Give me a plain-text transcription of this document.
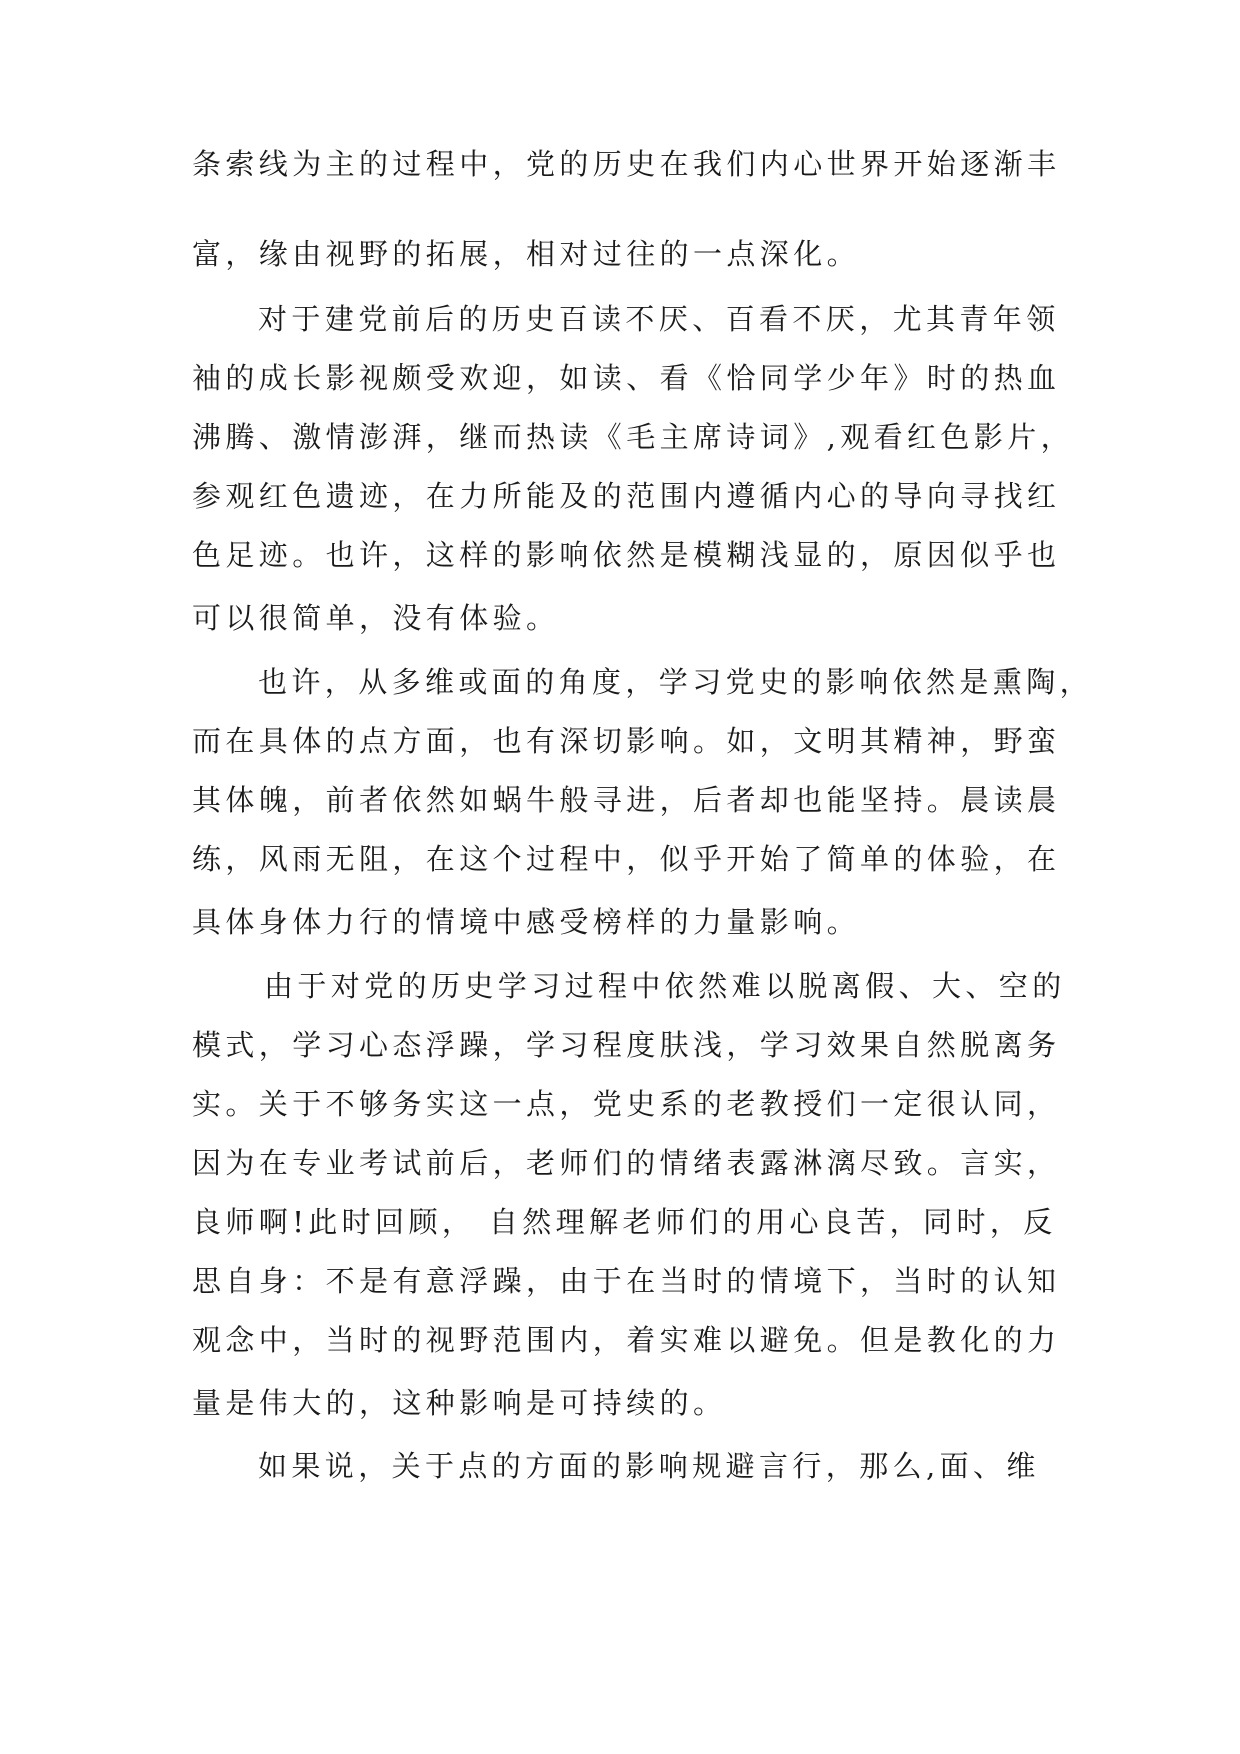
条索线为主的过程中，党的历史在我们内心世界开始逐渐丰
富，缘由视野的拓展，相对过往的一点深化。
对于建党前后的历史百读不厌、百看不厌，尤其青年领
袖的成长影视颇受欢迎，如读、看《恰同学少年》时的热血
沸腾、激情澎湃，继而热读《毛主席诗词》,观看红色影片，
参观红色遗迹，在力所能及的范围内遵循内心的导向寻找红
色足迹。也许，这样的影响依然是模糊浅显的，原因似乎也
可以很简单，没有体验。
也许，从多维或面的角度，学习党史的影响依然是熏陶，
而在具体的点方面，也有深切影响。如，文明其精神，野蛮
其体魄，前者依然如蜗牛般寻进，后者却也能坚持。晨读晨
练，风雨无阻，在这个过程中，似乎开始了简单的体验，在
具体身体力行的情境中感受榜样的力量影响。
由于对党的历史学习过程中依然难以脱离假、大、空的
模式，学习心态浮躁，学习程度肤浅，学习效果自然脱离务
实。关于不够务实这一点，党史系的老教授们一定很认同，
因为在专业考试前后，老师们的情绪表露淋漓尽致。言实，
良师啊!此时回顾， 自然理解老师们的用心良苦，同时，反
思自身：不是有意浮躁，由于在当时的情境下，当时的认知
观念中，当时的视野范围内，着实难以避免。但是教化的力
量是伟大的，这种影响是可持续的。
如果说，关于点的方面的影响规避言行，那么,面、维
